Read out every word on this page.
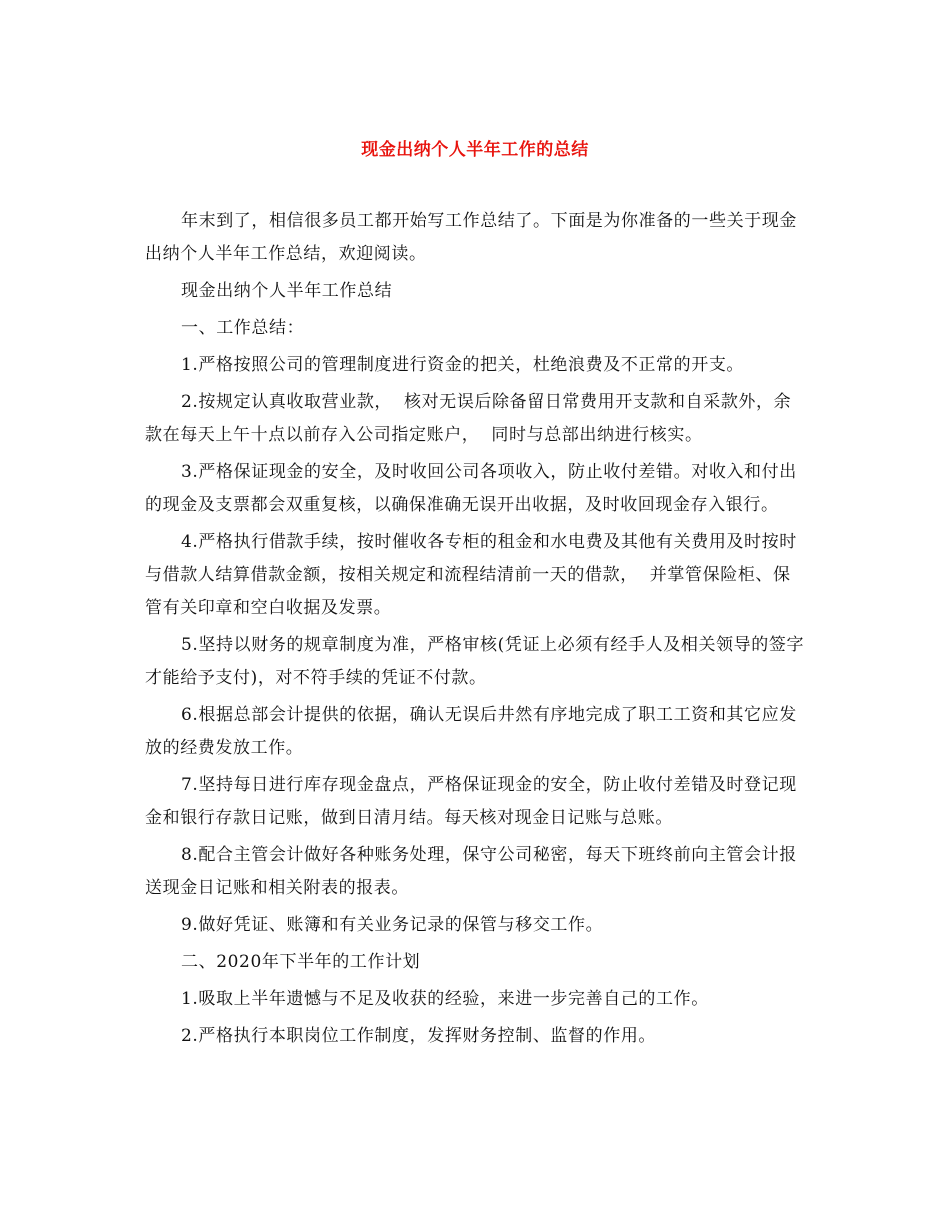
现金出纳个人半年工作的总结

年末到了，相信很多员工都开始写工作总结了。下面是为你准备的一些关于现金出纳个人半年工作总结，欢迎阅读。

现金出纳个人半年工作总结

一、工作总结：

1.严格按照公司的管理制度进行资金的把关，杜绝浪费及不正常的开支。

2.按规定认真收取营业款，  核对无误后除备留日常费用开支款和自采款外，余款在每天上午十点以前存入公司指定账户，  同时与总部出纳进行核实。

3.严格保证现金的安全，及时收回公司各项收入，防止收付差错。对收入和付出的现金及支票都会双重复核，以确保准确无误开出收据，及时收回现金存入银行。

4.严格执行借款手续，按时催收各专柜的租金和水电费及其他有关费用及时按时与借款人结算借款金额，按相关规定和流程结清前一天的借款，  并掌管保险柜、保管有关印章和空白收据及发票。

5.坚持以财务的规章制度为准，严格审核(凭证上必须有经手人及相关领导的签字才能给予支付)，对不符手续的凭证不付款。

6.根据总部会计提供的依据，确认无误后井然有序地完成了职工工资和其它应发放的经费发放工作。

7.坚持每日进行库存现金盘点，严格保证现金的安全，防止收付差错及时登记现金和银行存款日记账，做到日清月结。每天核对现金日记账与总账。

8.配合主管会计做好各种账务处理，保守公司秘密，每天下班终前向主管会计报送现金日记账和相关附表的报表。

9.做好凭证、账簿和有关业务记录的保管与移交工作。

二、2020年下半年的工作计划

1.吸取上半年遗憾与不足及收获的经验，来进一步完善自己的工作。

2.严格执行本职岗位工作制度，发挥财务控制、监督的作用。
